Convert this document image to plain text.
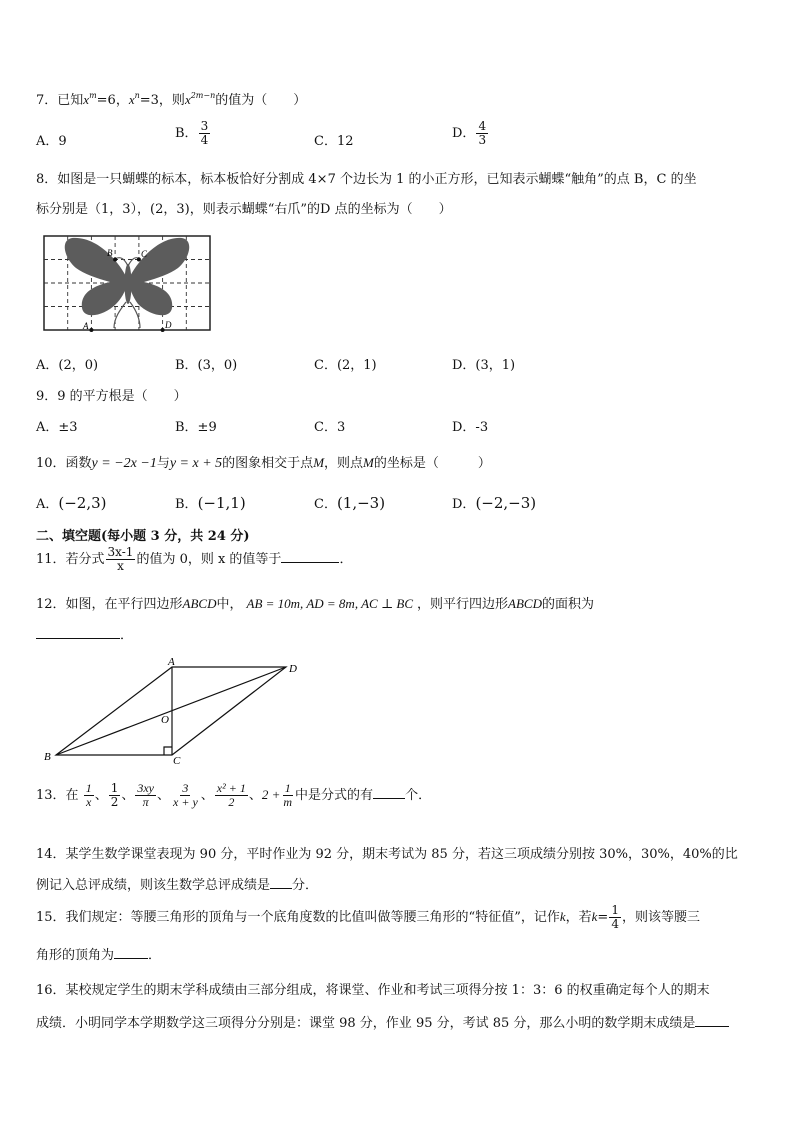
7．已知$x^m=6$，$x^n=3$，则$x^{2m-n}$的值为（　　）
A．9
B． $\frac{3}{4}$	C．12
D． $\frac{4}{3}$
8．如图是一只蝴蝶的标本，标本板恰好分割成 4×7 个边长为 1 的小正方形，已知表示蝴蝶“触角”的点 B，C 的坐
标分别是（1，3），(2，3)，则表示蝴蝶“右爪”的D 点的坐标为（　　）
B	C
A	D
A．(2，0)	B．(3，0)	C．(2，1)	D．(3，1)
9．9 的平方根是（　　）
A．±3	B．±9	C．3	D．-3
10．函数y = −2x −1与y = x + 5的图象相交于点M，则点M的坐标是（　　　）
A．(−2,3)	B．(−1,1)	C．(1,−3)	D．(−2,−3)
二、填空题(每小题 3 分，共 24 分)
11．若分式 $\frac{3x-1}{x}$ 的值为 0，则 x 的值等于	．
12．如图，在平行四边形ABCD中， AB = 10m, AD = 8m, AC ⊥ BC ，则平行四边形ABCD的面积为
．
A
D
O
B	C
13．在 $\frac{1}{x}$ 、 $\frac{1}{2}$ 、 $\frac{3xy}{\pi}$ 、 $\frac{3}{x + y}$ 、 $\frac{\text{x² + 1}}{2}$ 、$2 + \frac{1}{m}$ 中是分式的有 个．
14．某学生数学课堂表现为 90 分，平时作业为 92 分，期末考试为 85 分，若这三项成绩分别按 30%，30%，40%的比
例记入总评成绩，则该生数学总评成绩是 分．
15．我们规定：等腰三角形的顶角与一个底角度数的比值叫做等腰三角形的“特征值”，记作k，若$k= \frac{1}{4}$ ，则该等腰三
角形的顶角为	．
16．某校规定学生的期末学科成绩由三部分组成，将课堂、作业和考试三项得分按 1：3：6 的权重确定每个人的期末
成绩．小明同学本学期数学这三项得分分别是：课堂 98 分，作业 95 分，考试 85 分，那么小明的数学期末成绩是
